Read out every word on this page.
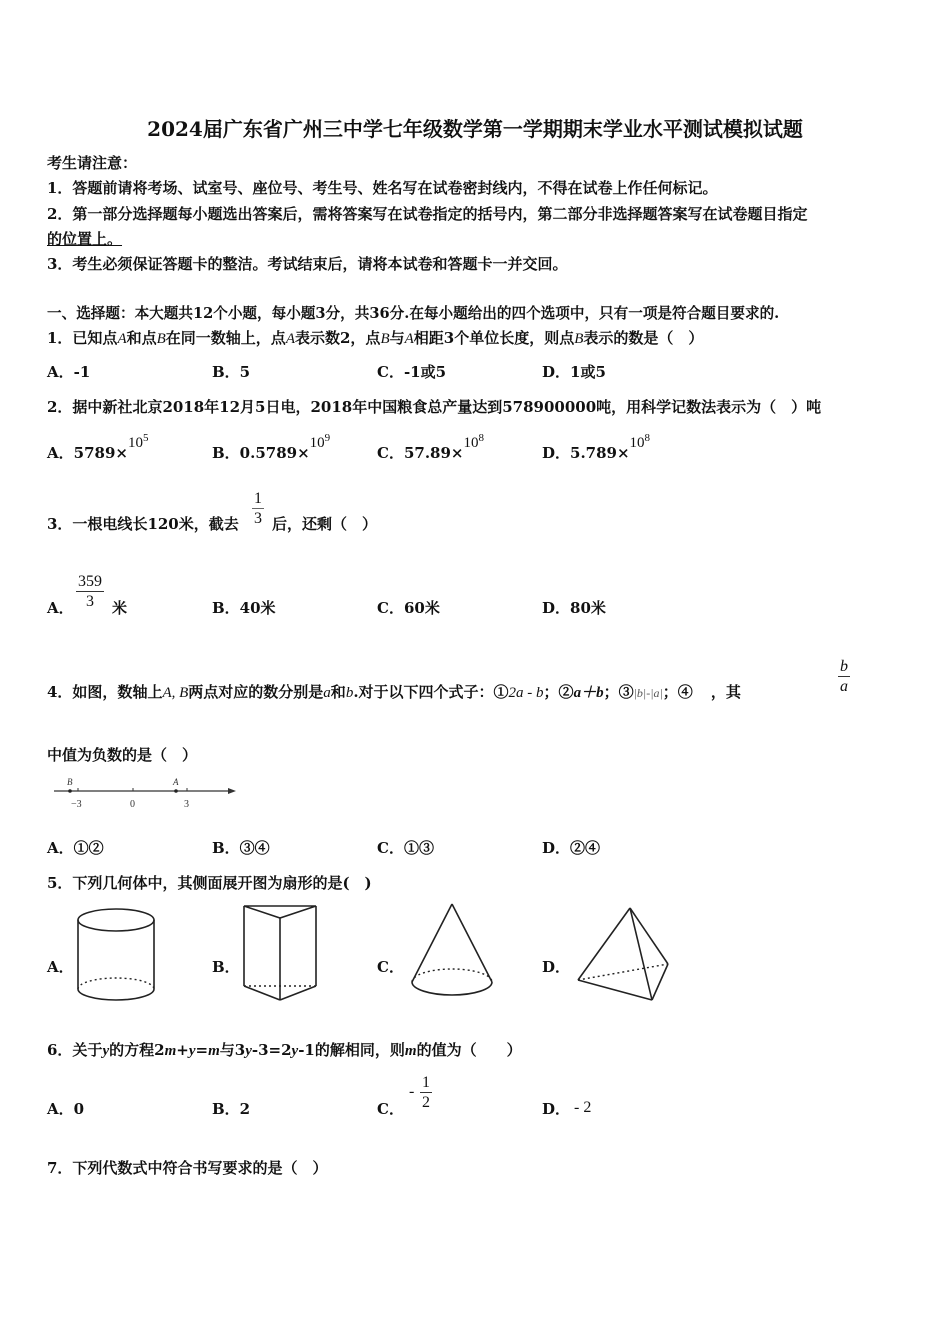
2024届广东省广州三中学七年级数学第一学期期末学业水平测试模拟试题
考生请注意：
1．答题前请将考场、试室号、座位号、考生号、姓名写在试卷密封线内，不得在试卷上作任何标记。
2．第一部分选择题每小题选出答案后，需将答案写在试卷指定的括号内，第二部分非选择题答案写在试卷题目指定
的位置上。
3．考生必须保证答题卡的整洁。考试结束后，请将本试卷和答题卡一并交回。
一、选择题：本大题共12个小题，每小题3分，共36分.在每小题给出的四个选项中，只有一项是符合题目要求的.
1．已知点A和点B在同一数轴上，点A表示数2，点B与A相距3个单位长度，则点B表示的数是（　）
A．-1	B．5	C．-1或5	D．1或5
2．据中新社北京2018年12月5日电，2018年中国粮食总产量达到578900000吨，用科学记数法表示为（　）吨
A．$5789\times 10^5$
B．$0.5789\times 10^9$
C．$57.89\times 10^8$
D．$5.789\times 10^8$
3．一根电线长120米，截去 $\frac{1}{3}$ 后，还剩（　）
A． $\frac{359}{3}$ 米	B．40米	C．60米	D．80米
4．如图，数轴上A, B两点对应的数分别是a和b.对于以下四个式子：①2a - b；②a＋b；③|b|-|a|；④ ，其	$\frac{b}{a}$
中值为负数的是（　）
B	A
−3	0	3
A．①②	B．③④	C．①③	D．②④
5．下列几何体中，其侧面展开图为扇形的是(　)
A．	B．	C．	D．
6．关于y的方程2m+y=m与3y-3=2y-1的解相同，则m的值为（　　）
A．0	B．2	C．
- $\frac{1}{2}$	D． - 2
7．下列代数式中符合书写要求的是（　）
